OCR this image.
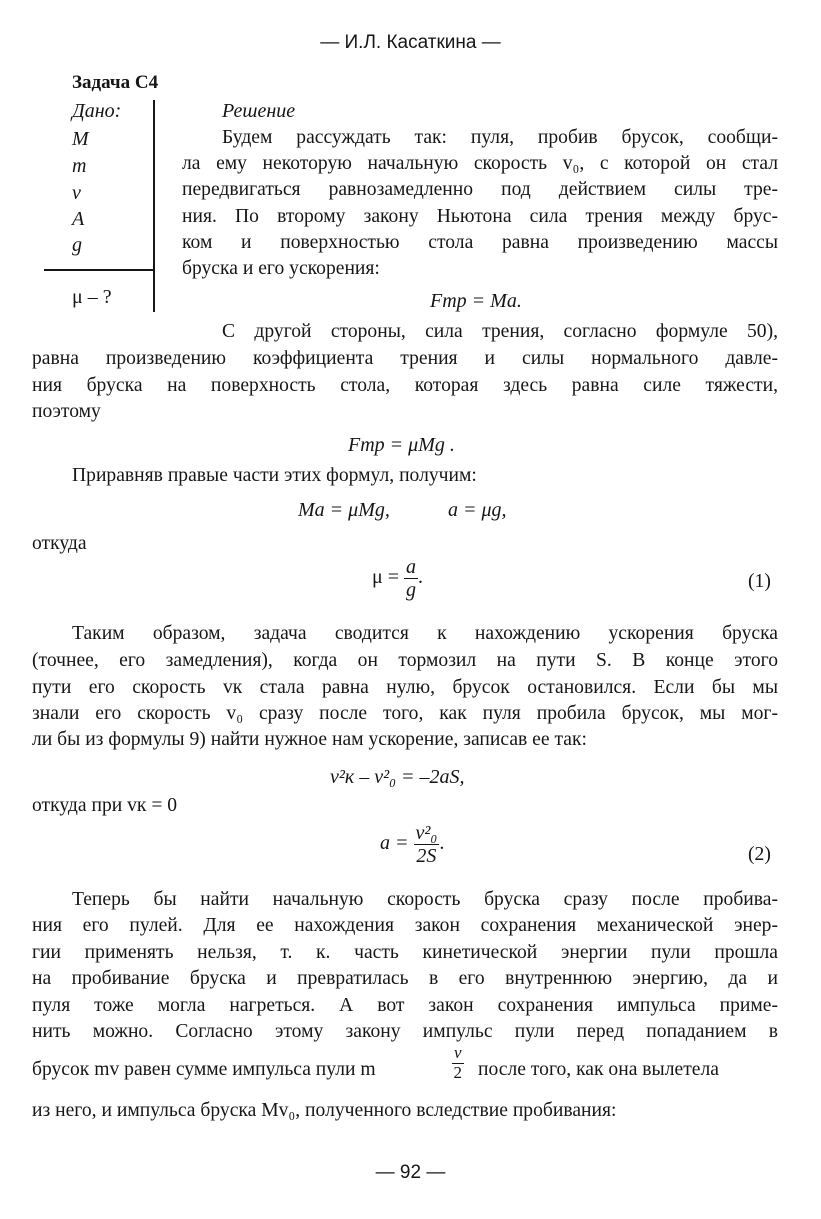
— И.Л. Касаткина —
Задача С4
Дано:
M
m
v
A
g
μ – ?
Решение
Будем рассуждать так: пуля, пробив брусок, сообщи-
ла ему некоторую начальную скорость v₀, с которой он стал
передвигаться равнозамедленно под действием силы тре-
ния. По второму закону Ньютона сила трения между брус-
ком и поверхностью стола равна произведению массы
бруска и его ускорения:
Fтр = Ma.
С другой стороны, сила трения, согласно формуле 50),
равна произведению коэффициента трения и силы нормального давле-
ния бруска на поверхность стола, которая здесь равна силе тяжести,
поэтому
Fтр = μMg .
Приравняв правые части этих формул, получим:
Ma = μMg,	a = μg,
откуда
$\mu = \frac{a}{g}$ .	(1)
Таким образом, задача сводится к нахождению ускорения бруска
(точнее, его замедления), когда он тормозил на пути S. В конце этого
пути его скорость vк стала равна нулю, брусок остановился. Если бы мы
знали его скорость v₀ сразу после того, как пуля пробила брусок, мы мог-
ли бы из формулы 9) найти нужное нам ускорение, записав ее так:
v²к – v²₀ = –2aS,
откуда при vк = 0
$a = \frac{\text{v²₀}}{2S}$ .
(2)
Теперь бы найти начальную скорость бруска сразу после пробива-
ния его пулей. Для ее нахождения закон сохранения механической энер-
гии применять нельзя, т. к. часть кинетической энергии пули прошла
на пробивание бруска и превратилась в его внутреннюю энергию, да и
пуля тоже могла нагреться. А вот закон сохранения импульса приме-
нить можно. Согласно этому закону импульс пули перед попаданием в
брусок mv равен сумме импульса пули m	$\frac{v}{2}$ после того, как она вылетела
из него, и импульса бруска Mv₀, полученного вследствие пробивания:
— 92 —
